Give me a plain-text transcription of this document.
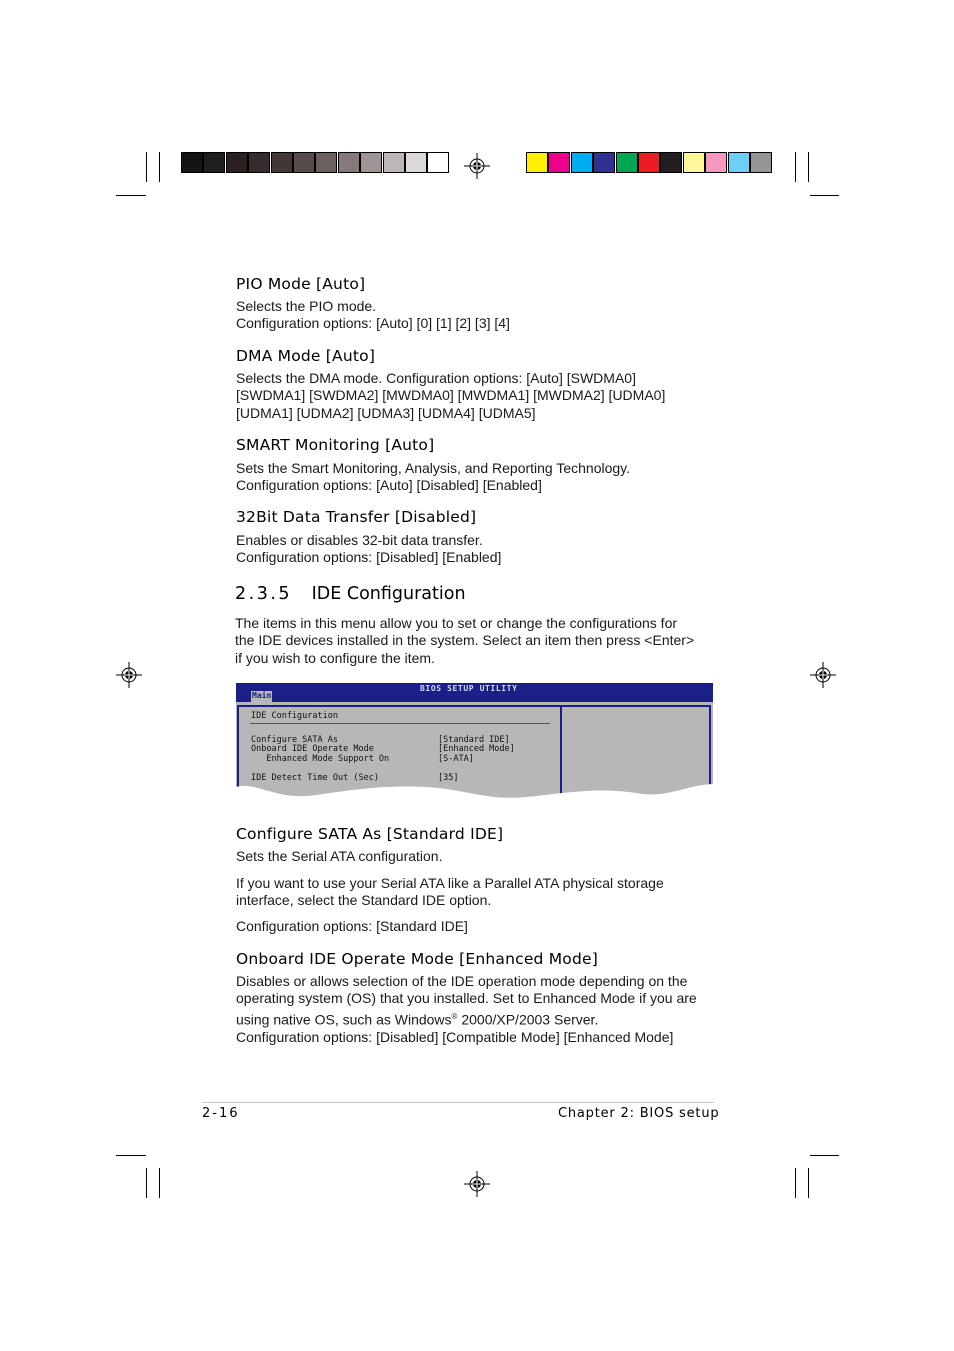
PIO Mode [Auto]
Selects the PIO mode.
Configuration options: [Auto] [0] [1] [2] [3] [4]
DMA Mode [Auto]
Selects the DMA mode. Configuration options: [Auto] [SWDMA0]
[SWDMA1] [SWDMA2] [MWDMA0] [MWDMA1] [MWDMA2] [UDMA0]
[UDMA1] [UDMA2] [UDMA3] [UDMA4] [UDMA5]
SMART Monitoring [Auto]
Sets the Smart Monitoring, Analysis, and Reporting Technology.
Configuration options: [Auto] [Disabled] [Enabled]
32Bit Data Transfer [Disabled]
Enables or disables 32-bit data transfer.
Configuration options: [Disabled] [Enabled]
2.3.5 IDE Configuration
The items in this menu allow you to set or change the configurations for
the IDE devices installed in the system. Select an item then press <Enter>
if you wish to configure the item.
BIOS SETUP UTILITY
Main
IDE Configuration
Configure SATA As	[Standard IDE]
Onboard IDE Operate Mode	[Enhanced Mode]
Enhanced Mode Support On	[S-ATA]
IDE Detect Time Out (Sec)	[35]
Configure SATA As [Standard IDE]
Sets the Serial ATA configuration.
If you want to use your Serial ATA like a Parallel ATA physical storage
interface, select the Standard IDE option.
Configuration options: [Standard IDE]
Onboard IDE Operate Mode [Enhanced Mode]
Disables or allows selection of the IDE operation mode depending on the
operating system (OS) that you installed. Set to Enhanced Mode if you are
using native OS, such as Windows® 2000/XP/2003 Server.
Configuration options: [Disabled] [Compatible Mode] [Enhanced Mode]
2-16	Chapter 2: BIOS setup
